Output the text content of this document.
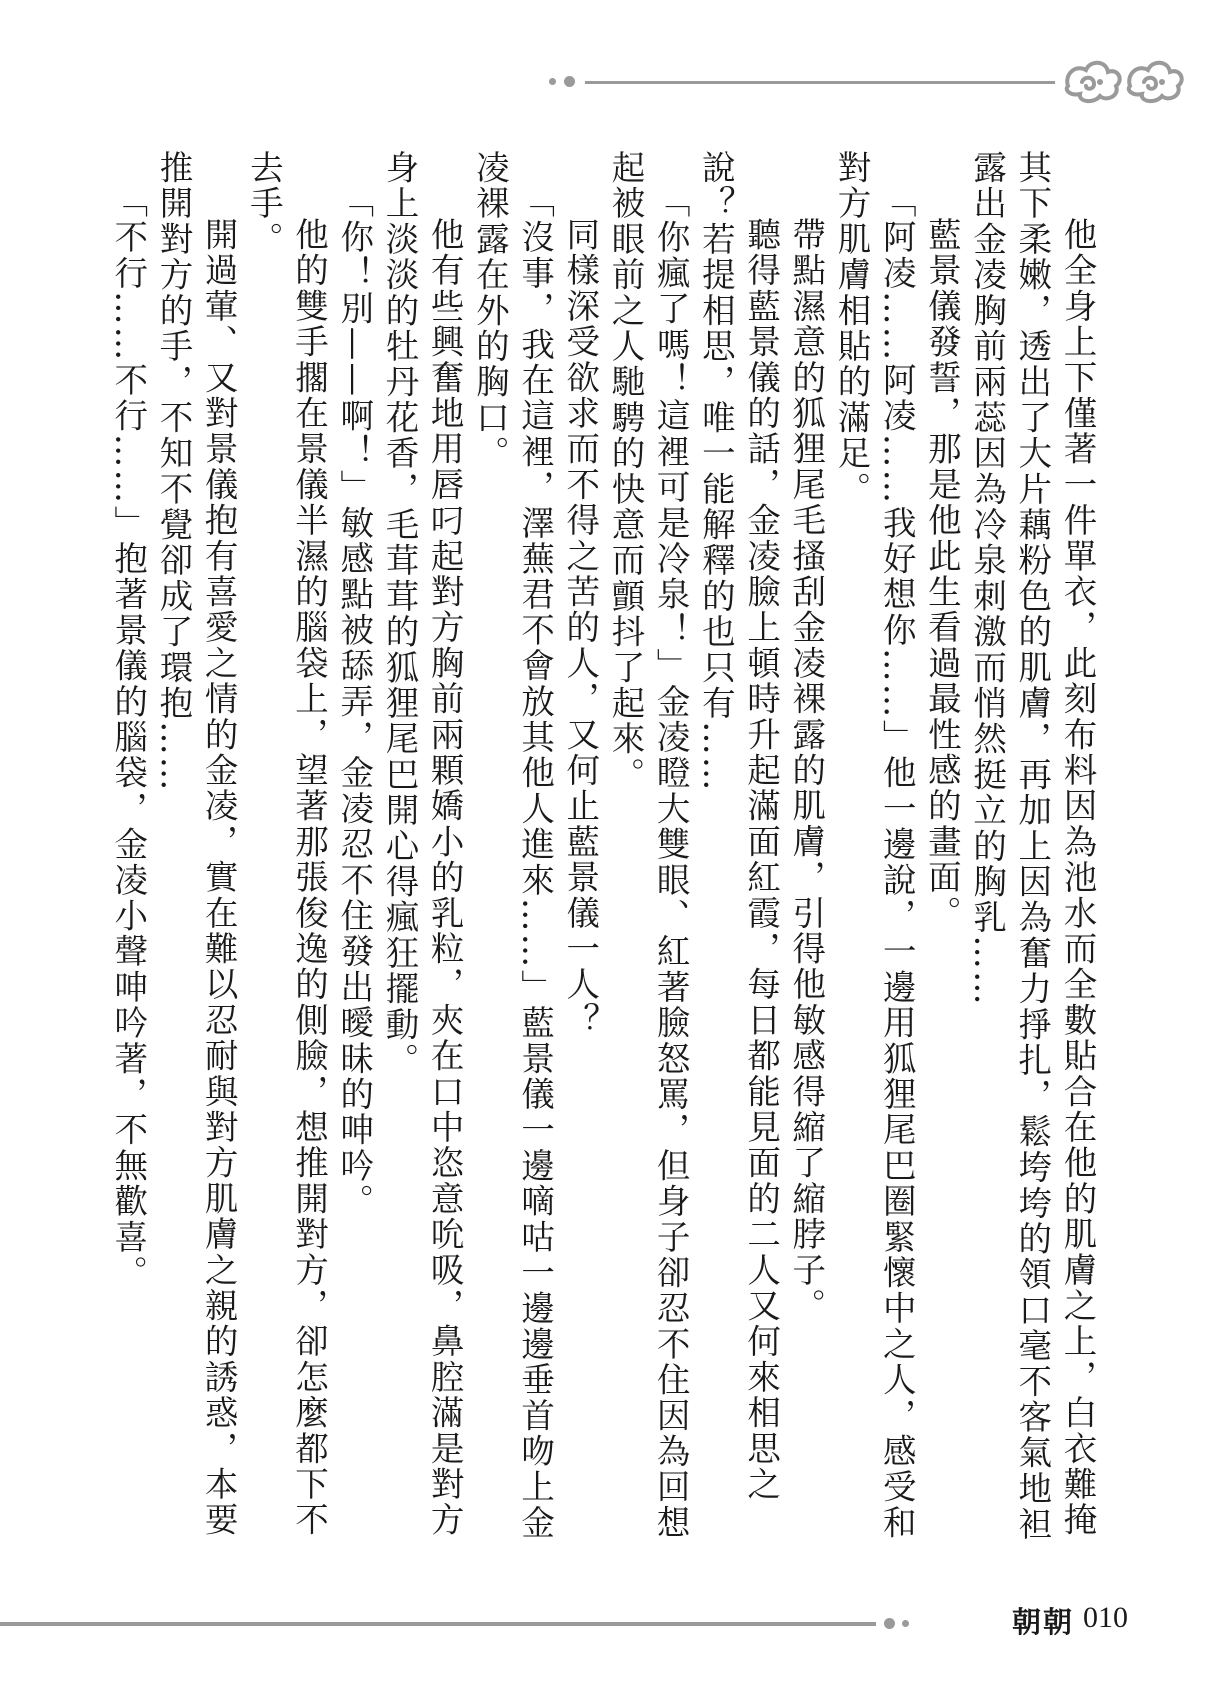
他全身上下僅著一件單衣，此刻布料因為池水而全數貼合在他的肌膚之上，白衣難掩其下柔嫩，透出了大片藕粉色的肌膚，再加上因為奮力掙扎，鬆垮垮的領口毫不客氣地袒露出金凌胸前兩蕊因為冷泉刺激而悄然挺立的胸乳……

藍景儀發誓，那是他此生看過最性感的畫面。

「阿凌……阿凌……我好想你……」他一邊說，一邊用狐狸尾巴圈緊懷中之人，感受和對方肌膚相貼的滿足。

帶點濕意的狐狸尾毛搔刮金凌裸露的肌膚，引得他敏感得縮了縮脖子。

聽得藍景儀的話，金凌臉上頓時升起滿面紅霞，每日都能見面的二人又何來相思之說？若提相思，唯一能解釋的也只有……

「你瘋了嗎！這裡可是冷泉！」金凌瞪大雙眼、紅著臉怒罵，但身子卻忍不住因為回想起被眼前之人馳騁的快意而顫抖了起來。

同樣深受欲求而不得之苦的人，又何止藍景儀一人？

「沒事，我在這裡，澤蕪君不會放其他人進來……」藍景儀一邊嘀咕一邊邊垂首吻上金凌裸露在外的胸口。

他有些興奮地用唇叼起對方胸前兩顆嬌小的乳粒，夾在口中恣意吮吸，鼻腔滿是對方身上淡淡的牡丹花香，毛茸茸的狐狸尾巴開心得瘋狂擺動。

「你！別——啊！」敏感點被舔弄，金凌忍不住發出曖昧的呻吟。

他的雙手擱在景儀半濕的腦袋上，望著那張俊逸的側臉，想推開對方，卻怎麼都下不去手。

開過葷、又對景儀抱有喜愛之情的金凌，實在難以忍耐與對方肌膚之親的誘惑，本要推開對方的手，不知不覺卻成了環抱……

「不行……不行……」抱著景儀的腦袋，金凌小聲呻吟著，不無歡喜。

朝朝 010
